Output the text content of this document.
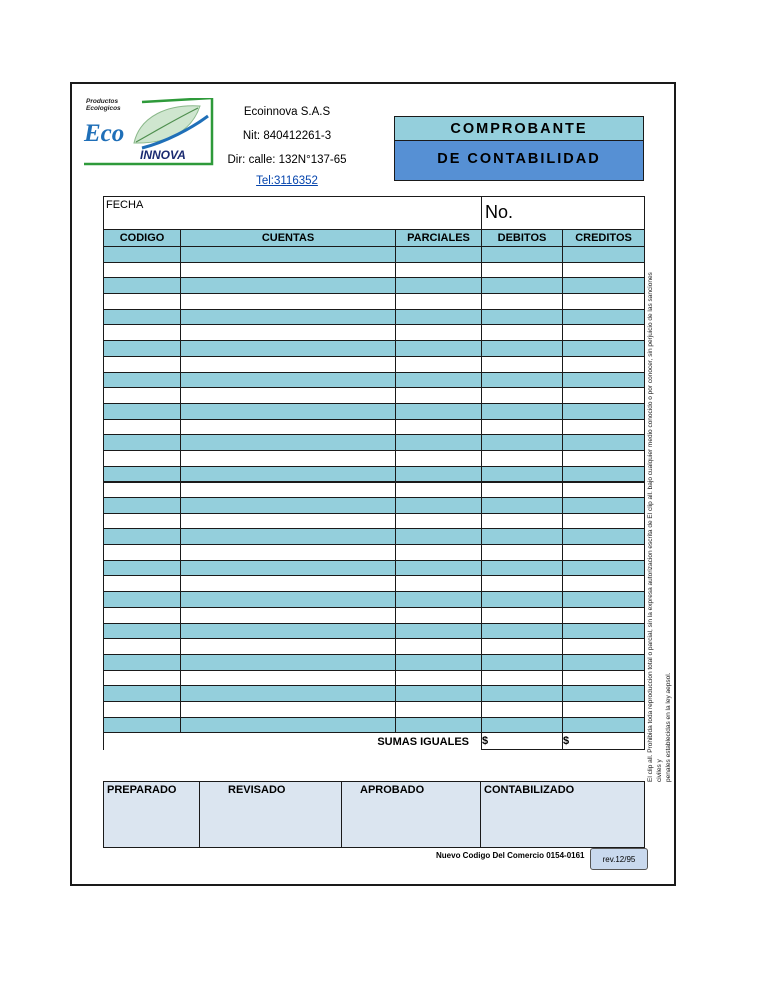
Productos
Ecologicos
Eco
INNOVA
Ecoinnova S.A.S
Nit: 840412261-3
Dir: calle: 132N°137-65
Tel:3116352
COMPROBANTE
DE CONTABILIDAD
FECHA			No.	
CODIGO	CUENTAS	PARCIALES	DEBITOS	CREDITOS

SUMAS IGUALES			$	$
PREPARADO	REVISADO	APROBADO	CONTABILIZADO
El clip all. Prohibida toda reproduccion total o parcial, sin la expresa autorizacion escrita de El clip all. bajo cualquier medio conocido o por conocer, sin perjuicio de las sanciones civiles y penales establecidas en la ley aepsol.
Nuevo Codigo Del Comercio 0154-0161	rev.12/95
